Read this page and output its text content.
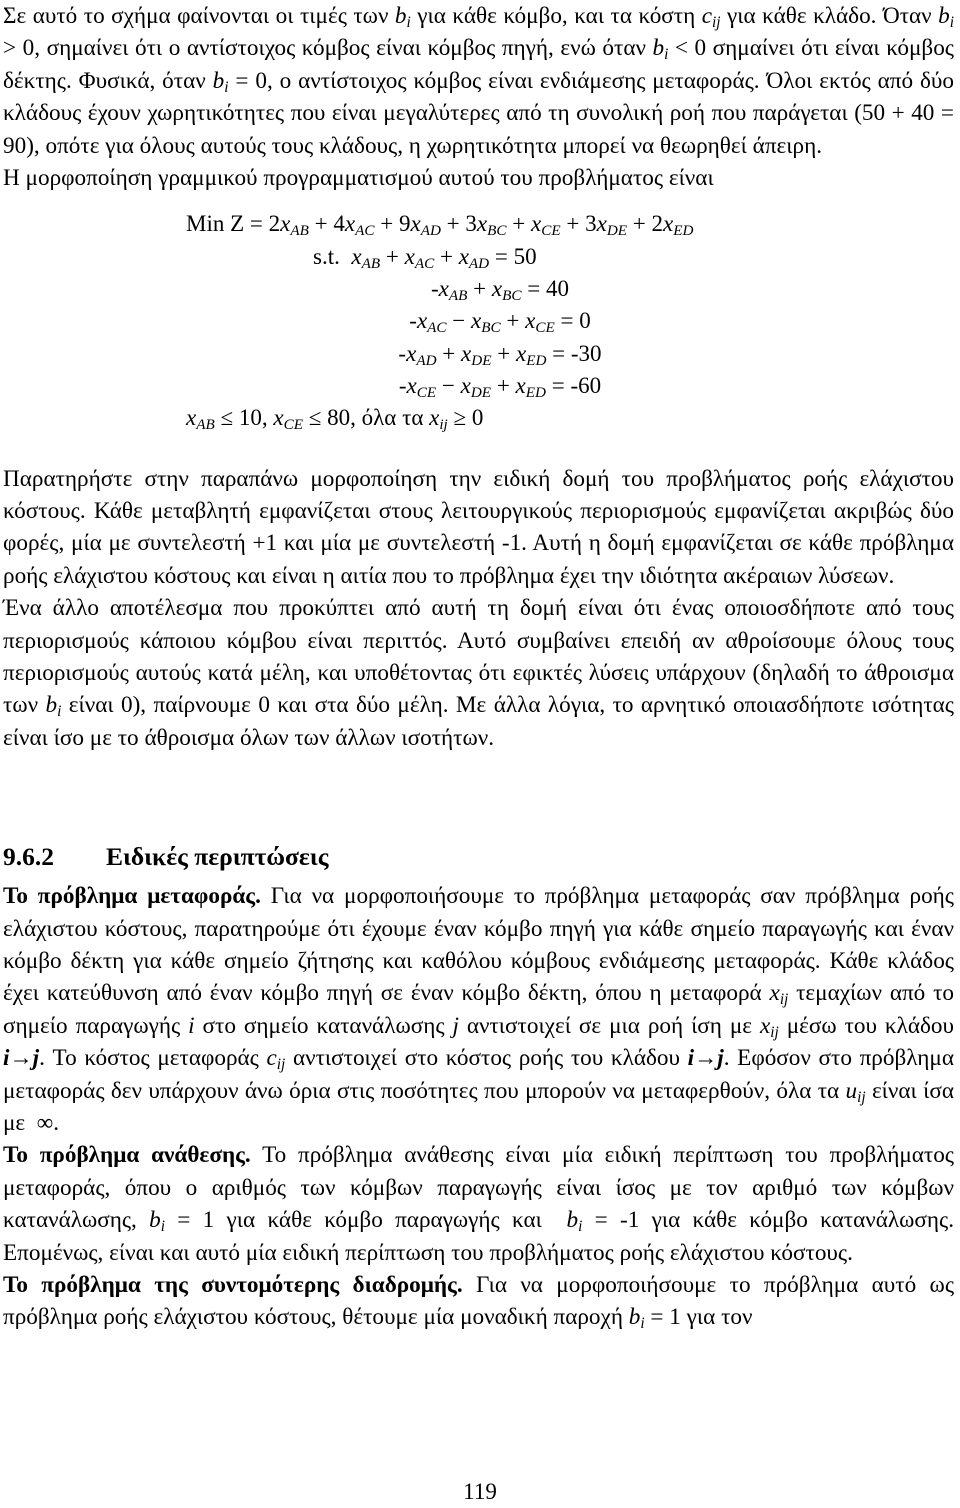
Σε αυτό το σχήμα φαίνονται οι τιμές των $b_i$ για κάθε κόμβο, και τα κόστη $c_{ij}$ για κάθε κλάδο. Όταν $b_i > 0$, σημαίνει ότι ο αντίστοιχος κόμβος είναι κόμβος πηγή, ενώ όταν $b_i < 0$ σημαίνει ότι είναι κόμβος δέκτης. Φυσικά, όταν $b_i = 0$, ο αντίστοιχος κόμβος είναι ενδιάμεσης μεταφοράς. Όλοι εκτός από δύο κλάδους έχουν χωρητικότητες που είναι μεγαλύτερες από τη συνολική ροή που παράγεται (50 + 40 = 90), οπότε για όλους αυτούς τους κλάδους, η χωρητικότητα μπορεί να θεωρηθεί άπειρη.

Η μορφοποίηση γραμμικού προγραμματισμού αυτού του προβλήματος είναι

Min $Z = 2x_{AB} + 4x_{AC} + 9x_{AD} + 3x_{BC} + x_{CE} + 3x_{DE} + 2x_{ED}$
s.t.  $x_{AB} + x_{AC} + x_{AD} = 50$
$-x_{AB} + x_{BC} = 40$
$-x_{AC} - x_{BC} + x_{CE} = 0$
$-x_{AD} + x_{DE} + x_{ED} = -30$
$-x_{CE} - x_{DE} + x_{ED} = -60$
$x_{AB} \le 10$, $x_{CE} \le 80$, όλα τα $x_{ij} \ge 0$

Παρατηρήστε στην παραπάνω μορφοποίηση την ειδική δομή του προβλήματος ροής ελάχιστου κόστους. Κάθε μεταβλητή εμφανίζεται στους λειτουργικούς περιορισμούς εμφανίζεται ακριβώς δύο φορές, μία με συντελεστή +1 και μία με συντελεστή -1. Αυτή η δομή εμφανίζεται σε κάθε πρόβλημα ροής ελάχιστου κόστους και είναι η αιτία που το πρόβλημα έχει την ιδιότητα ακέραιων λύσεων.

Ένα άλλο αποτέλεσμα που προκύπτει από αυτή τη δομή είναι ότι ένας οποιοσδήποτε από τους περιορισμούς κάποιου κόμβου είναι περιττός. Αυτό συμβαίνει επειδή αν αθροίσουμε όλους τους περιορισμούς αυτούς κατά μέλη, και υποθέτοντας ότι εφικτές λύσεις υπάρχουν (δηλαδή το άθροισμα των $b_i$ είναι 0), παίρνουμε 0 και στα δύο μέλη. Με άλλα λόγια, το αρνητικό οποιασδήποτε ισότητας είναι ίσο με το άθροισμα όλων των άλλων ισοτήτων.

9.6.2 Ειδικές περιπτώσεις

Το πρόβλημα μεταφοράς. Για να μορφοποιήσουμε το πρόβλημα μεταφοράς σαν πρόβλημα ροής ελάχιστου κόστους, παρατηρούμε ότι έχουμε έναν κόμβο πηγή για κάθε σημείο παραγωγής και έναν κόμβο δέκτη για κάθε σημείο ζήτησης και καθόλου κόμβους ενδιάμεσης μεταφοράς. Κάθε κλάδος έχει κατεύθυνση από έναν κόμβο πηγή σε έναν κόμβο δέκτη, όπου η μεταφορά $x_{ij}$ τεμαχίων από το σημείο παραγωγής i στο σημείο κατανάλωσης j αντιστοιχεί σε μια ροή ίση με $x_{ij}$ μέσω του κλάδου i→j. Το κόστος μεταφοράς $c_{ij}$ αντιστοιχεί στο κόστος ροής του κλάδου i→j. Εφόσον στο πρόβλημα μεταφοράς δεν υπάρχουν άνω όρια στις ποσότητες που μπορούν να μεταφερθούν, όλα τα $u_{ij}$ είναι ίσα με  ∞.

Το πρόβλημα ανάθεσης. Το πρόβλημα ανάθεσης είναι μία ειδική περίπτωση του προβλήματος μεταφοράς, όπου ο αριθμός των κόμβων παραγωγής είναι ίσος με τον αριθμό των κόμβων κατανάλωσης, $b_i = 1$ για κάθε κόμβο παραγωγής και  $b_i = -1$ για κάθε κόμβο κατανάλωσης. Επομένως, είναι και αυτό μία ειδική περίπτωση του προβλήματος ροής ελάχιστου κόστους.

Το πρόβλημα της συντομότερης διαδρομής. Για να μορφοποιήσουμε το πρόβλημα αυτό ως πρόβλημα ροής ελάχιστου κόστους, θέτουμε μία μοναδική παροχή $b_i = 1$ για τον

119
